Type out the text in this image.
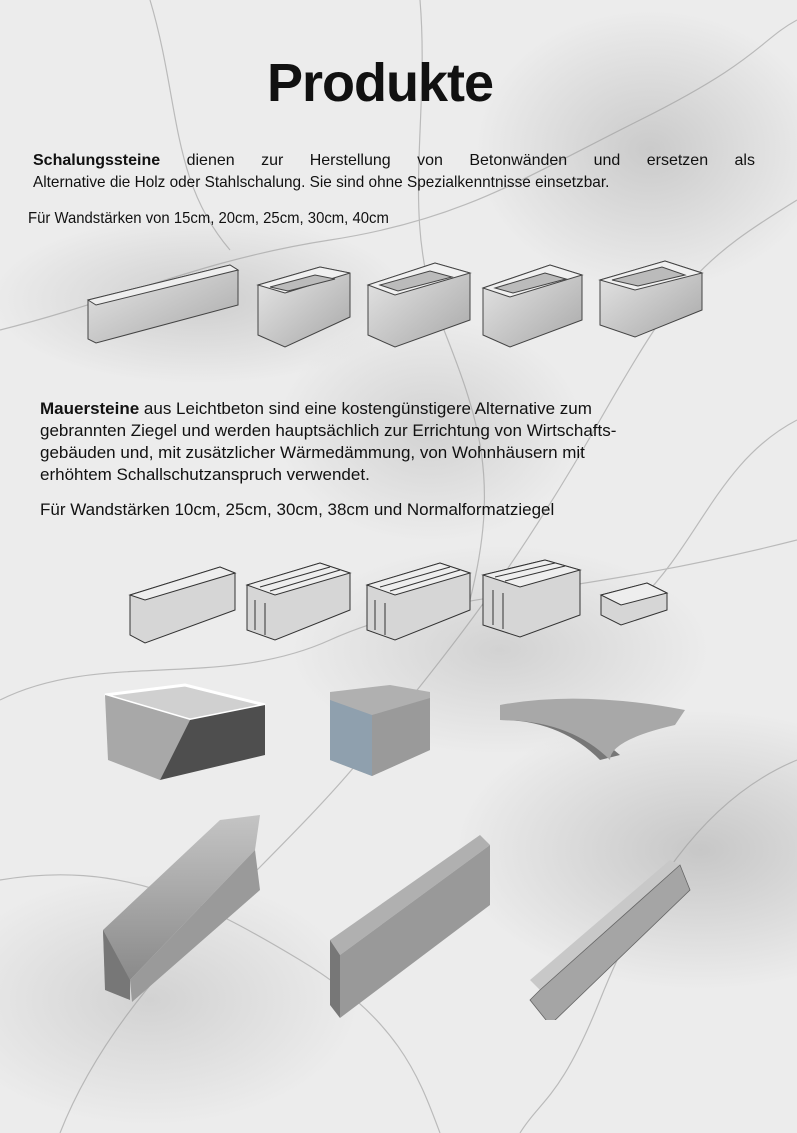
Produkte
Schalungssteine dienen zur Herstellung von Betonwänden und ersetzen als
Alternative die Holz oder Stahlschalung. Sie sind ohne Spezialkenntnisse einsetzbar.
Für Wandstärken von 15cm, 20cm, 25cm, 30cm, 40cm
Mauersteine aus Leichtbeton sind eine kostengünstigere Alternative zum
gebrannten Ziegel und werden hauptsächlich zur Errichtung von Wirtschafts-
gebäuden und, mit zusätzlicher Wärmedämmung, von Wohnhäusern mit
erhöhtem Schallschutzanspruch verwendet.
Für Wandstärken 10cm, 25cm, 30cm, 38cm und Normalformatziegel
